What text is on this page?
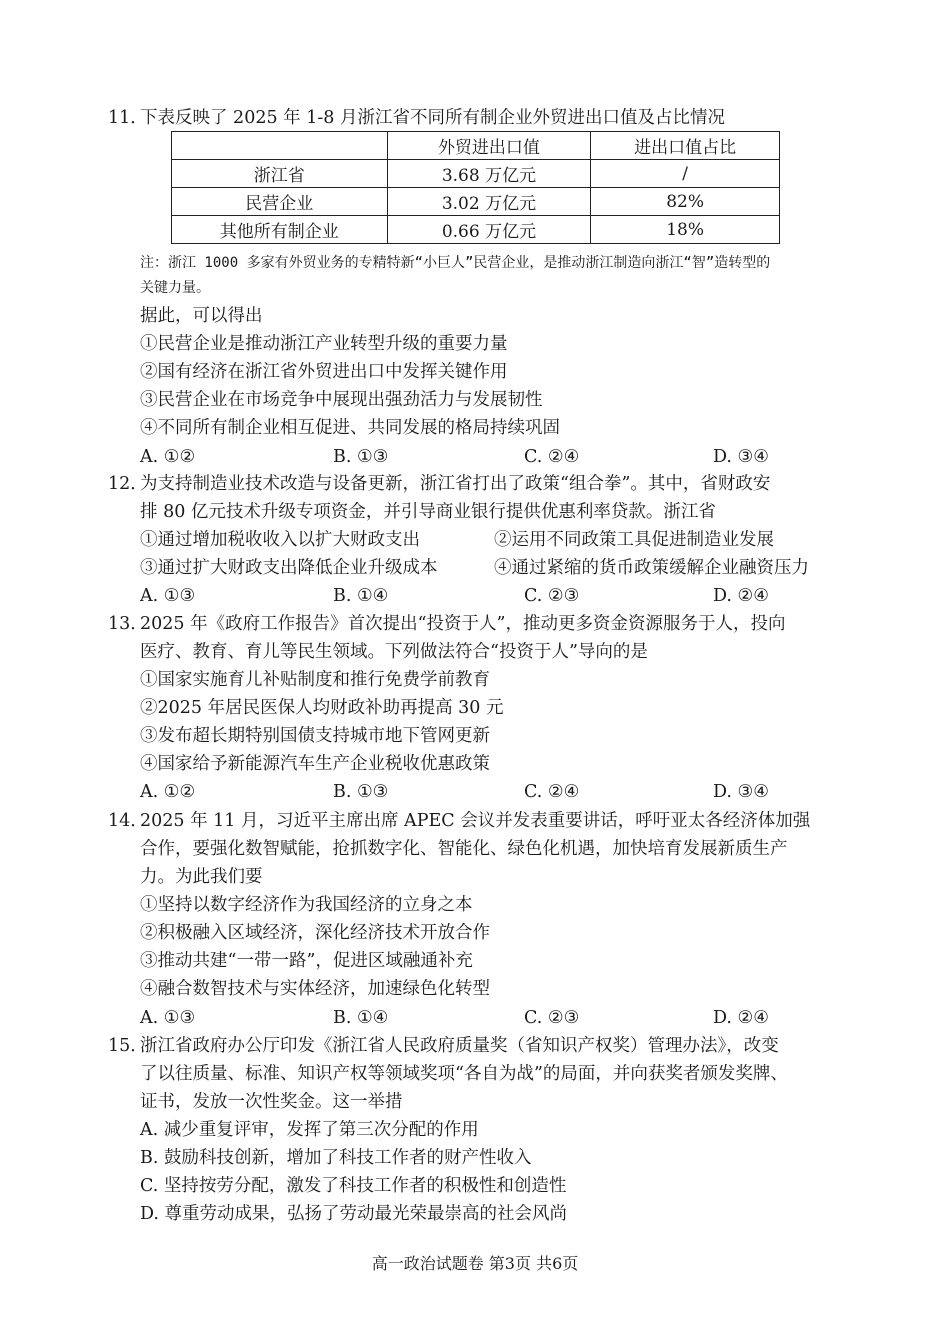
11．
下表反映了 2025 年 1-8 月浙江省不同所有制企业外贸进出口值及占比情况
	外贸进出口值	进出口值占比
浙江省	3.68 万亿元	/
民营企业	3.02 万亿元	82%
其他所有制企业	0.66 万亿元	18%
注：浙江 1000 多家有外贸业务的专精特新“小巨人”民营企业，是推动浙江制造向浙江“智”造转型的
关键力量。
据此，可以得出
①民营企业是推动浙江产业转型升级的重要力量
②国有经济在浙江省外贸进出口中发挥关键作用
③民营企业在市场竞争中展现出强劲活力与发展韧性
④不同所有制企业相互促进、共同发展的格局持续巩固
A. ①②	B. ①③	C. ②④	D. ③④
12．
为支持制造业技术改造与设备更新，浙江省打出了政策“组合拳”。其中，省财政安
排 80 亿元技术升级专项资金，并引导商业银行提供优惠利率贷款。浙江省
①通过增加税收收入以扩大财政支出	②运用不同政策工具促进制造业发展
③通过扩大财政支出降低企业升级成本	④通过紧缩的货币政策缓解企业融资压力
A. ①③	B. ①④	C. ②③	D. ②④
13．
2025 年《政府工作报告》首次提出“投资于人”，推动更多资金资源服务于人，投向
医疗、教育、育儿等民生领域。下列做法符合“投资于人”导向的是
①国家实施育儿补贴制度和推行免费学前教育
②2025 年居民医保人均财政补助再提高 30 元
③发布超长期特别国债支持城市地下管网更新
④国家给予新能源汽车生产企业税收优惠政策
A. ①②	B. ①③	C. ②④	D. ③④
14．
2025 年 11 月，习近平主席出席 APEC 会议并发表重要讲话，呼吁亚太各经济体加强
合作，要强化数智赋能，抢抓数字化、智能化、绿色化机遇，加快培育发展新质生产
力。为此我们要
①坚持以数字经济作为我国经济的立身之本
②积极融入区域经济，深化经济技术开放合作
③推动共建“一带一路”，促进区域融通补充
④融合数智技术与实体经济，加速绿色化转型
A. ①③	B. ①④	C. ②③	D. ②④
15．
浙江省政府办公厅印发《浙江省人民政府质量奖（省知识产权奖）管理办法》，改变
了以往质量、标准、知识产权等领域奖项“各自为战”的局面，并向获奖者颁发奖牌、
证书，发放一次性奖金。这一举措
A. 减少重复评审，发挥了第三次分配的作用
B. 鼓励科技创新，增加了科技工作者的财产性收入
C. 坚持按劳分配，激发了科技工作者的积极性和创造性
D. 尊重劳动成果，弘扬了劳动最光荣最崇高的社会风尚
高一政治试题卷 第3页 共6页
